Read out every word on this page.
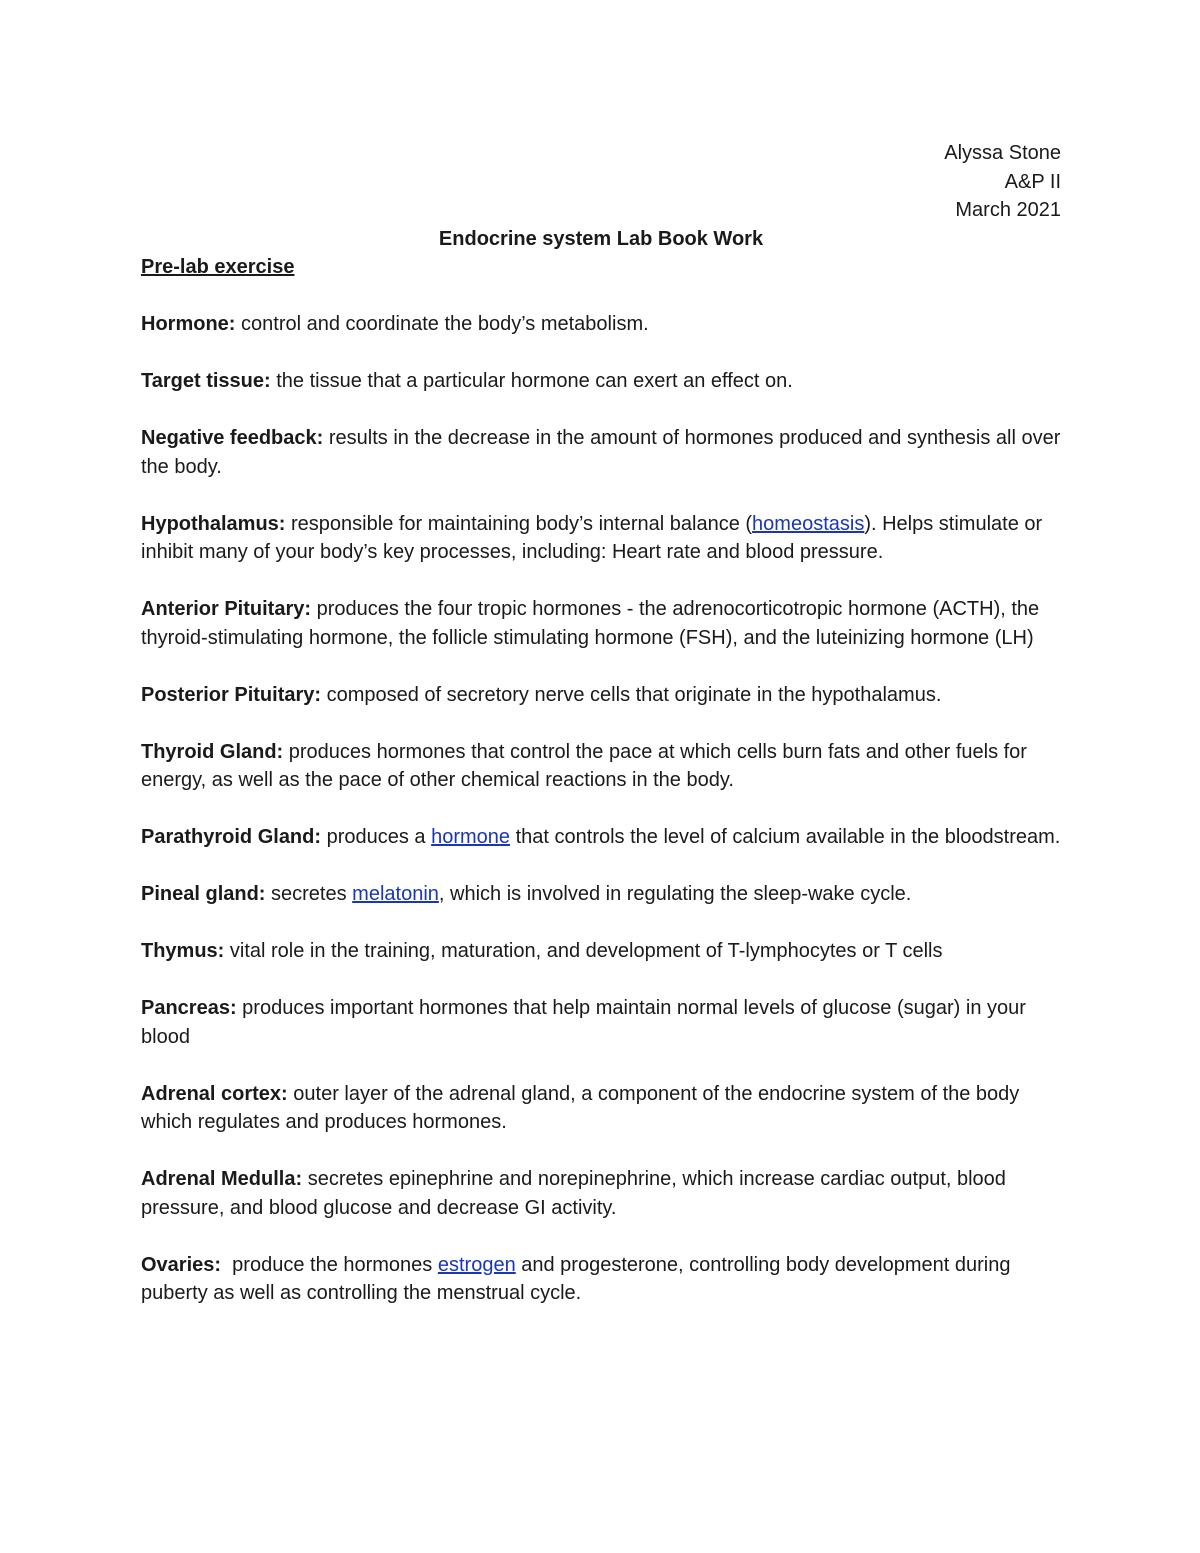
Alyssa Stone
A&P II
March 2021
Endocrine system Lab Book Work
Pre-lab exercise

Hormone: control and coordinate the body’s metabolism.

Target tissue: the tissue that a particular hormone can exert an effect on.

Negative feedback: results in the decrease in the amount of hormones produced and synthesis all over the body.

Hypothalamus: responsible for maintaining body’s internal balance (homeostasis). Helps stimulate or inhibit many of your body’s key processes, including: Heart rate and blood pressure.

Anterior Pituitary: produces the four tropic hormones - the adrenocorticotropic hormone (ACTH), the thyroid-stimulating hormone, the follicle stimulating hormone (FSH), and the luteinizing hormone (LH)

Posterior Pituitary: composed of secretory nerve cells that originate in the hypothalamus.

Thyroid Gland: produces hormones that control the pace at which cells burn fats and other fuels for energy, as well as the pace of other chemical reactions in the body.

Parathyroid Gland: produces a hormone that controls the level of calcium available in the bloodstream.

Pineal gland: secretes melatonin, which is involved in regulating the sleep-wake cycle.

Thymus: vital role in the training, maturation, and development of T-lymphocytes or T cells

Pancreas: produces important hormones that help maintain normal levels of glucose (sugar) in your blood

Adrenal cortex: outer layer of the adrenal gland, a component of the endocrine system of the body which regulates and produces hormones.

Adrenal Medulla: secretes epinephrine and norepinephrine, which increase cardiac output, blood pressure, and blood glucose and decrease GI activity.

Ovaries:  produce the hormones estrogen and progesterone, controlling body development during puberty as well as controlling the menstrual cycle.
